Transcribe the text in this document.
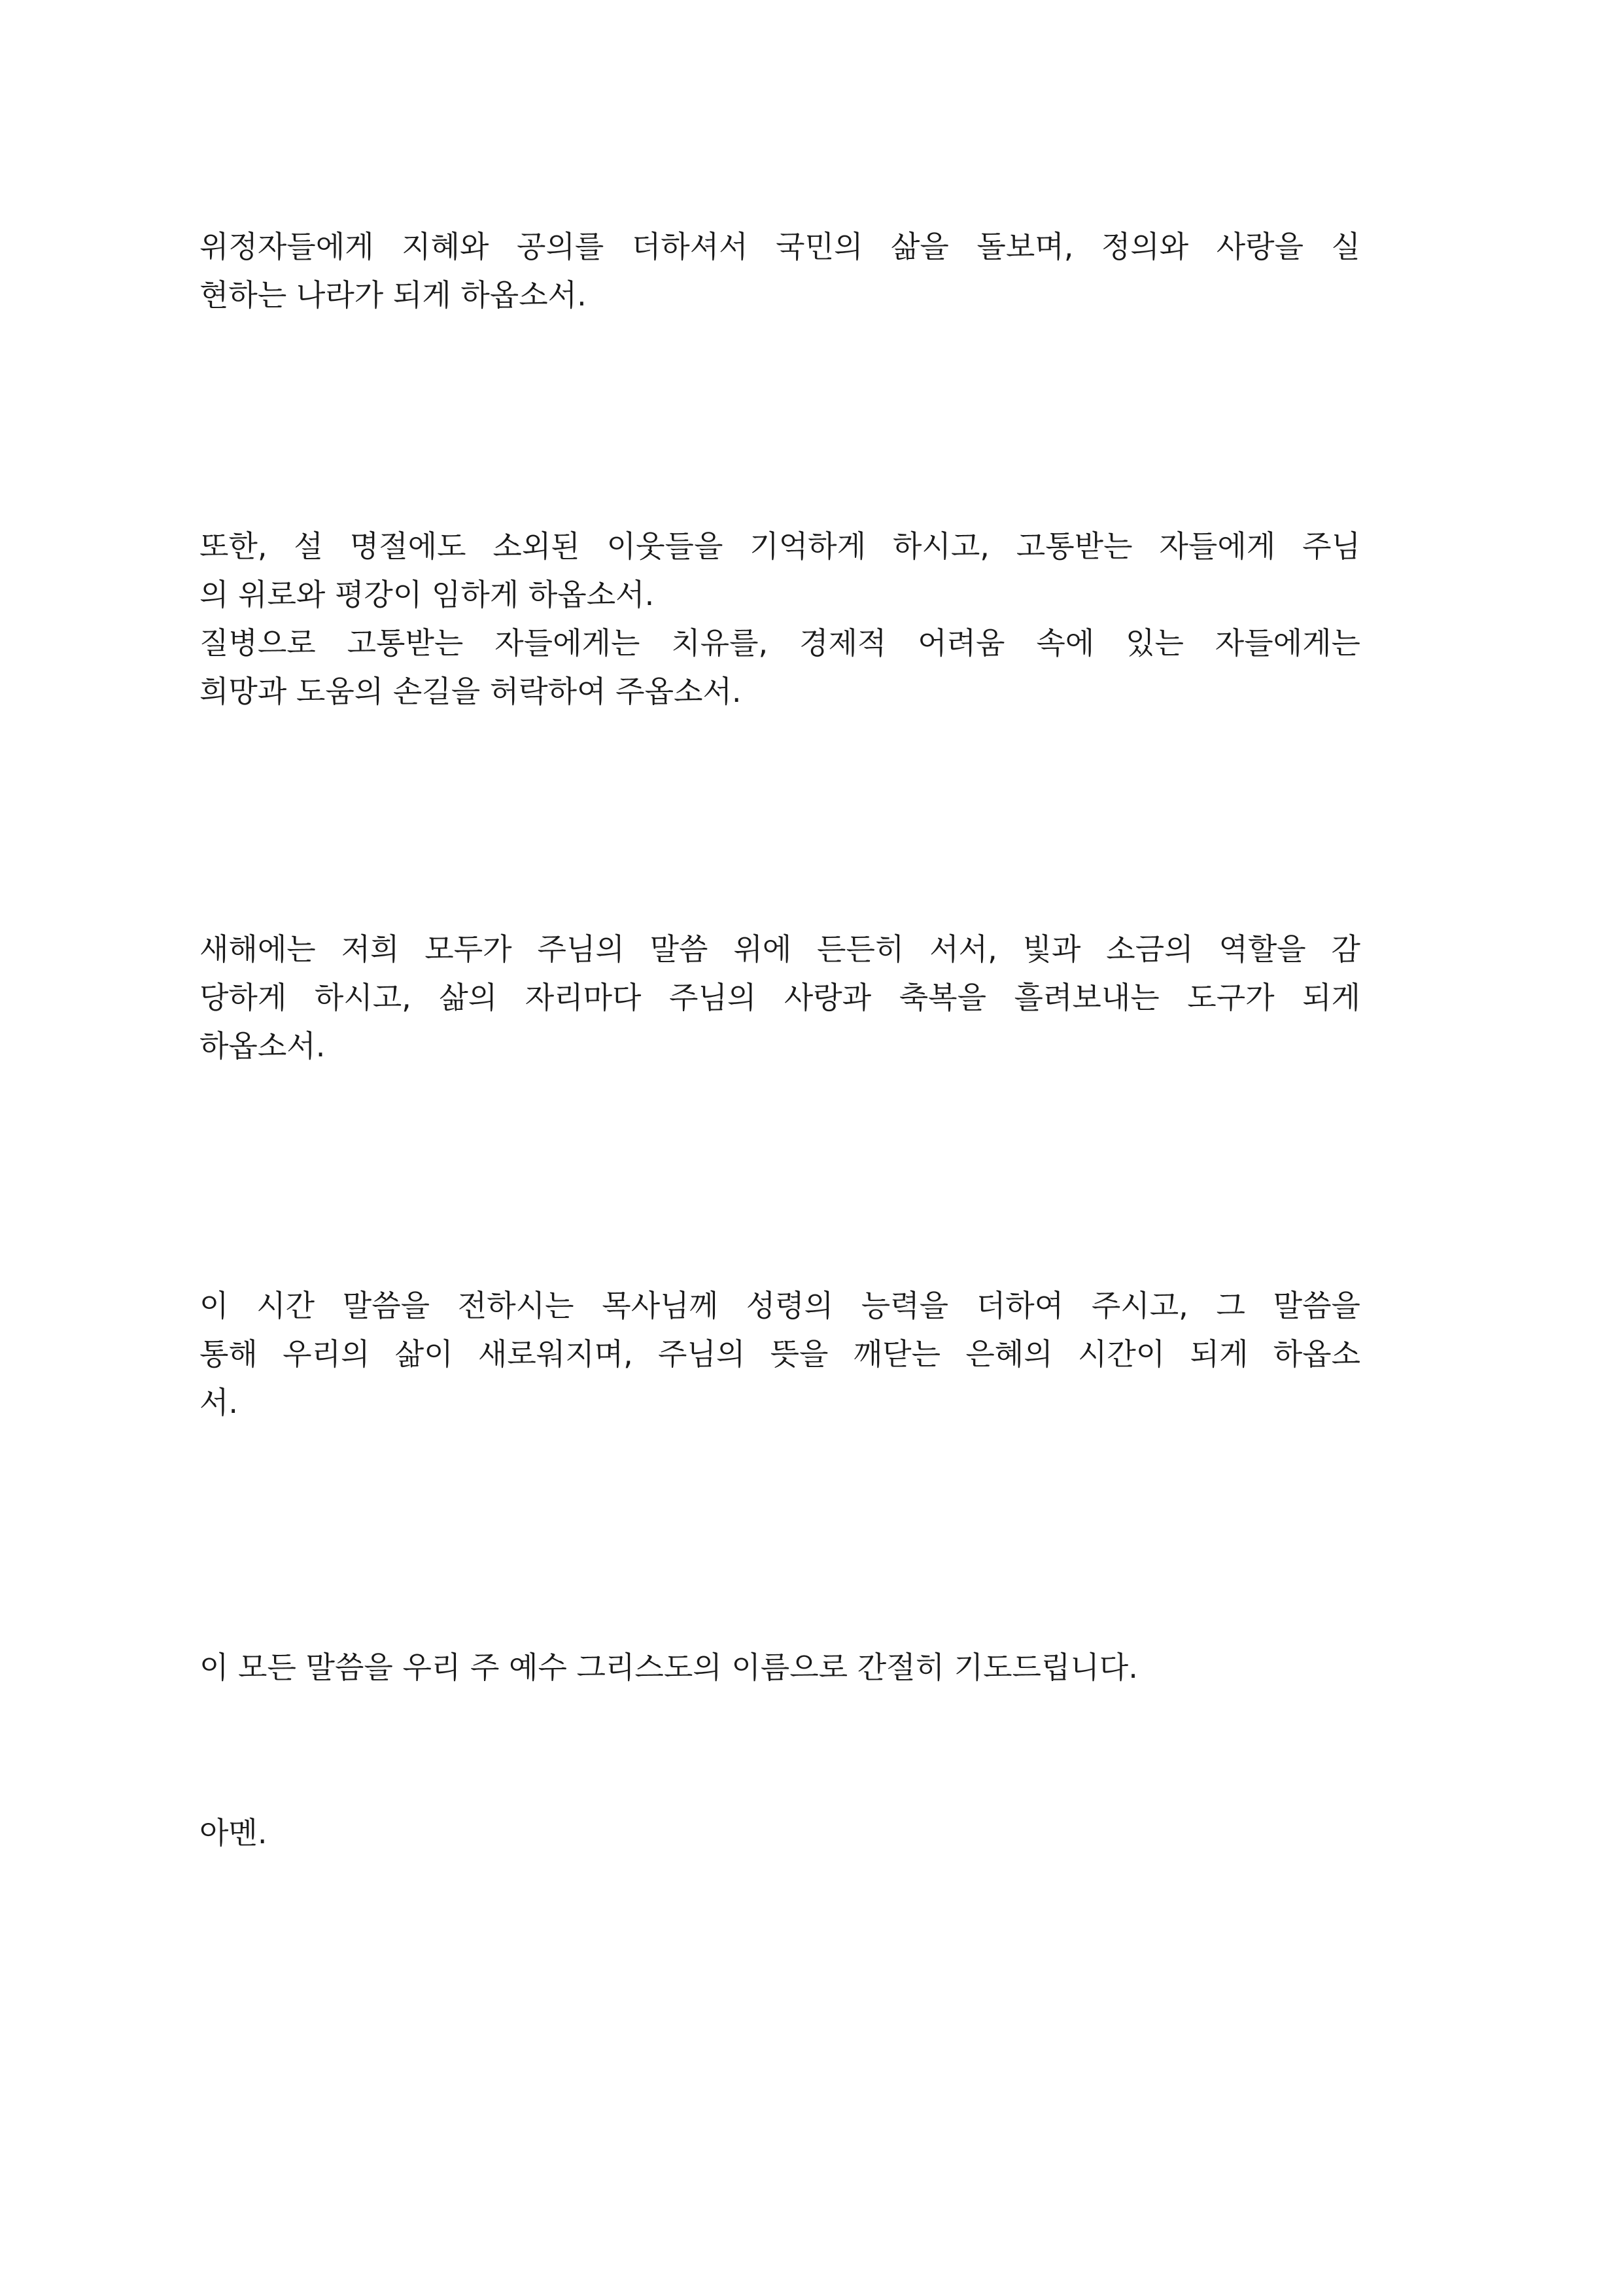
위정자들에게 지혜와 공의를 더하셔서 국민의 삶을 돌보며, 정의와 사랑을 실
현하는 나라가 되게 하옵소서.

또한, 설 명절에도 소외된 이웃들을 기억하게 하시고, 고통받는 자들에게 주님
의 위로와 평강이 임하게 하옵소서.
질병으로 고통받는 자들에게는 치유를, 경제적 어려움 속에 있는 자들에게는
희망과 도움의 손길을 허락하여 주옵소서.

새해에는 저희 모두가 주님의 말씀 위에 든든히 서서, 빛과 소금의 역할을 감
당하게 하시고, 삶의 자리마다 주님의 사랑과 축복을 흘려보내는 도구가 되게
하옵소서.

이 시간 말씀을 전하시는 목사님께 성령의 능력을 더하여 주시고, 그 말씀을
통해 우리의 삶이 새로워지며, 주님의 뜻을 깨닫는 은혜의 시간이 되게 하옵소
서.

이 모든 말씀을 우리 주 예수 그리스도의 이름으로 간절히 기도드립니다.

아멘.
